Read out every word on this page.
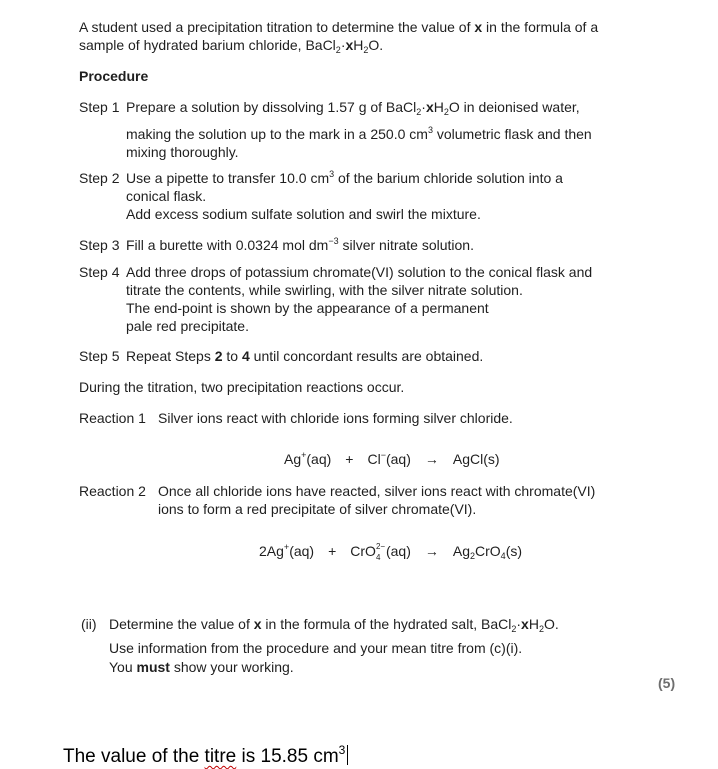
A student used a precipitation titration to determine the value of x in the formula of a
sample of hydrated barium chloride, $BaCl_2\cdot xH_2O$.
Procedure
Step 1 Prepare a solution by dissolving 1.57 g of $BaCl_2\cdot xH_2O$ in deionised water,
making the solution up to the mark in a 250.0 $cm^3$ volumetric flask and then
mixing thoroughly.
Step 2 Use a pipette to transfer 10.0 $cm^3$ of the barium chloride solution into a
conical flask.
Add excess sodium sulfate solution and swirl the mixture.
Step 3 Fill a burette with 0.0324 mol $dm^{-3}$ silver nitrate solution.
Step 4 Add three drops of potassium chromate(VI) solution to the conical flask and
titrate the contents, while swirling, with the silver nitrate solution.
The end-point is shown by the appearance of a permanent
pale red precipitate.
Step 5 Repeat Steps 2 to 4 until concordant results are obtained.
During the titration, two precipitation reactions occur.
Reaction 1 Silver ions react with chloride ions forming silver chloride.
Ag+(aq) + Cl−(aq) → AgCl(s)
Reaction 2 Once all chloride ions have reacted, silver ions react with chromate(VI)
ions to form a red precipitate of silver chromate(VI).
2Ag+(aq) + CrO 2−
4 $(aq) \to Ag_2CrO_4(s)$
(ii) Determine the value of x in the formula of the hydrated salt, $BaCl_2\cdot xH_2O$.
Use information from the procedure and your mean titre from (c)(i).
You must show your working.
(5)
The value of the titre is 15.85 $cm^3$
